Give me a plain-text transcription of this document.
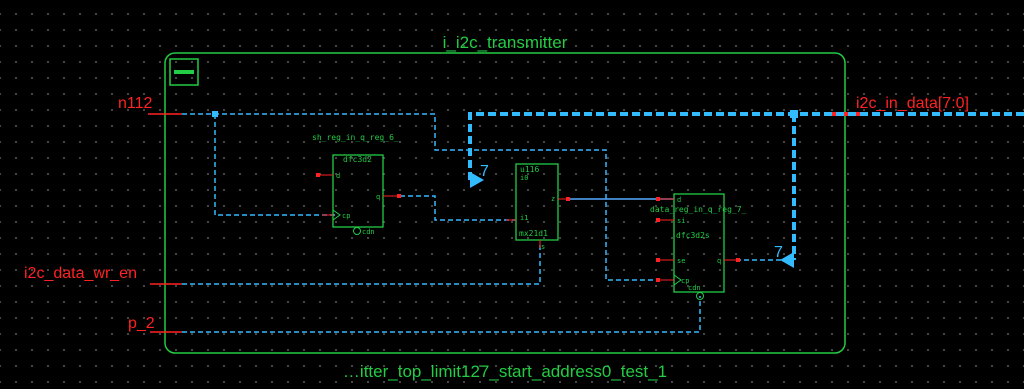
i_i2c_transmitter
…itter_top_limit127_start_address0_test_1
n112
i2c_data_wr_en
p_2
i2c_in_data[7:0]
7
7
sh_reg_in_q_reg_6_
dfc3d2
d
cp
q
cdn
u116
i0
i1
z
mx21d1
s
data_reg_in_q_reg_7_
d
si
dfc3d2s
se	q
cp
cdn
